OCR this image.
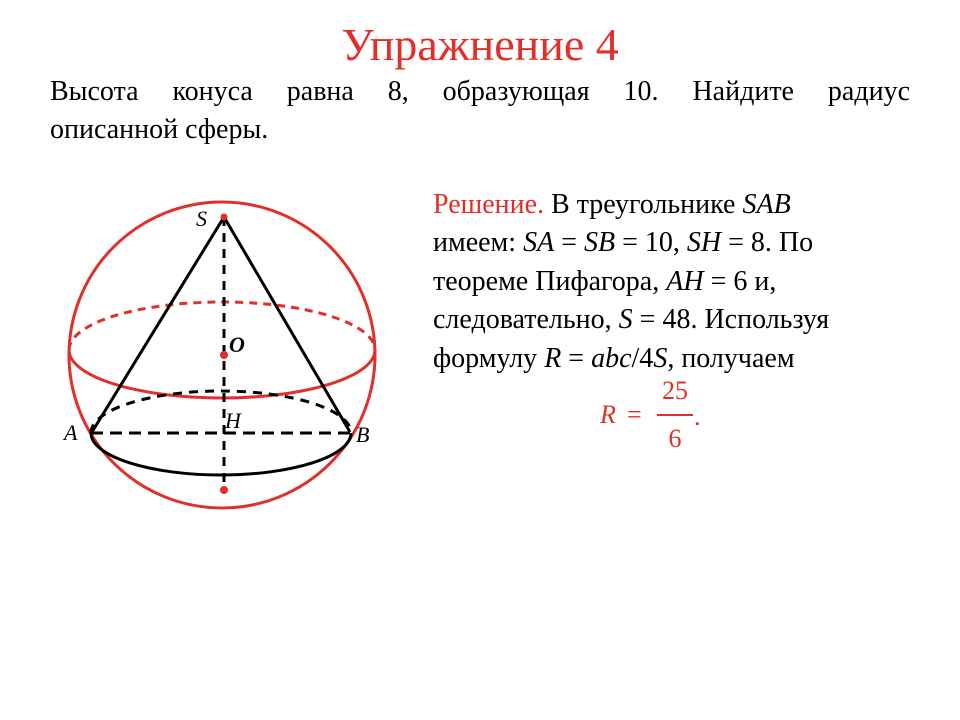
Упражнение 4
Высота конуса равна 8, образующая 10. Найдите радиус
описанной сферы.
S
O
H
A	B
Решение. В треугольнике SAB
имеем: SA = SB = 10, SH = 8. По
теореме Пифагора, AH = 6 и,
следовательно, S = 48. Используя
формулу R = abc/4S, получаем
R =
25
6
.
